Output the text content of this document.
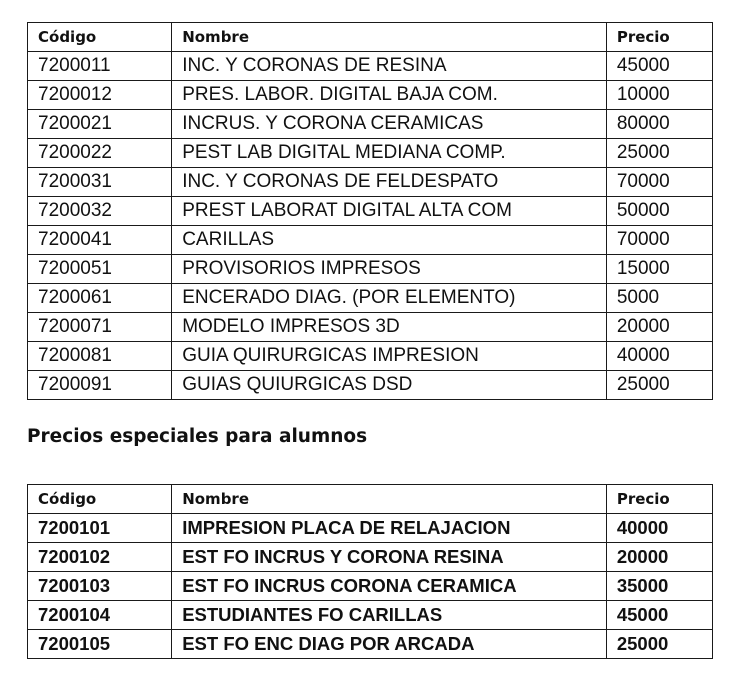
Código	Nombre	Precio
7200011	INC. Y CORONAS DE RESINA	45000
7200012	PRES. LABOR. DIGITAL BAJA COM.	10000
7200021	INCRUS. Y CORONA CERAMICAS	80000
7200022	PEST LAB DIGITAL MEDIANA COMP.	25000
7200031	INC. Y CORONAS DE FELDESPATO	70000
7200032	PREST LABORAT DIGITAL ALTA COM	50000
7200041	CARILLAS	70000
7200051	PROVISORIOS IMPRESOS	15000
7200061	ENCERADO DIAG. (POR ELEMENTO)	5000
7200071	MODELO IMPRESOS 3D	20000
7200081	GUIA QUIRURGICAS IMPRESION	40000
7200091	GUIAS QUIURGICAS DSD	25000
Precios especiales para alumnos
Código	Nombre	Precio
7200101	IMPRESION PLACA DE RELAJACION	40000
7200102	EST FO INCRUS Y CORONA RESINA	20000
7200103	EST FO INCRUS CORONA CERAMICA	35000
7200104	ESTUDIANTES FO CARILLAS	45000
7200105	EST FO ENC DIAG POR ARCADA	25000
